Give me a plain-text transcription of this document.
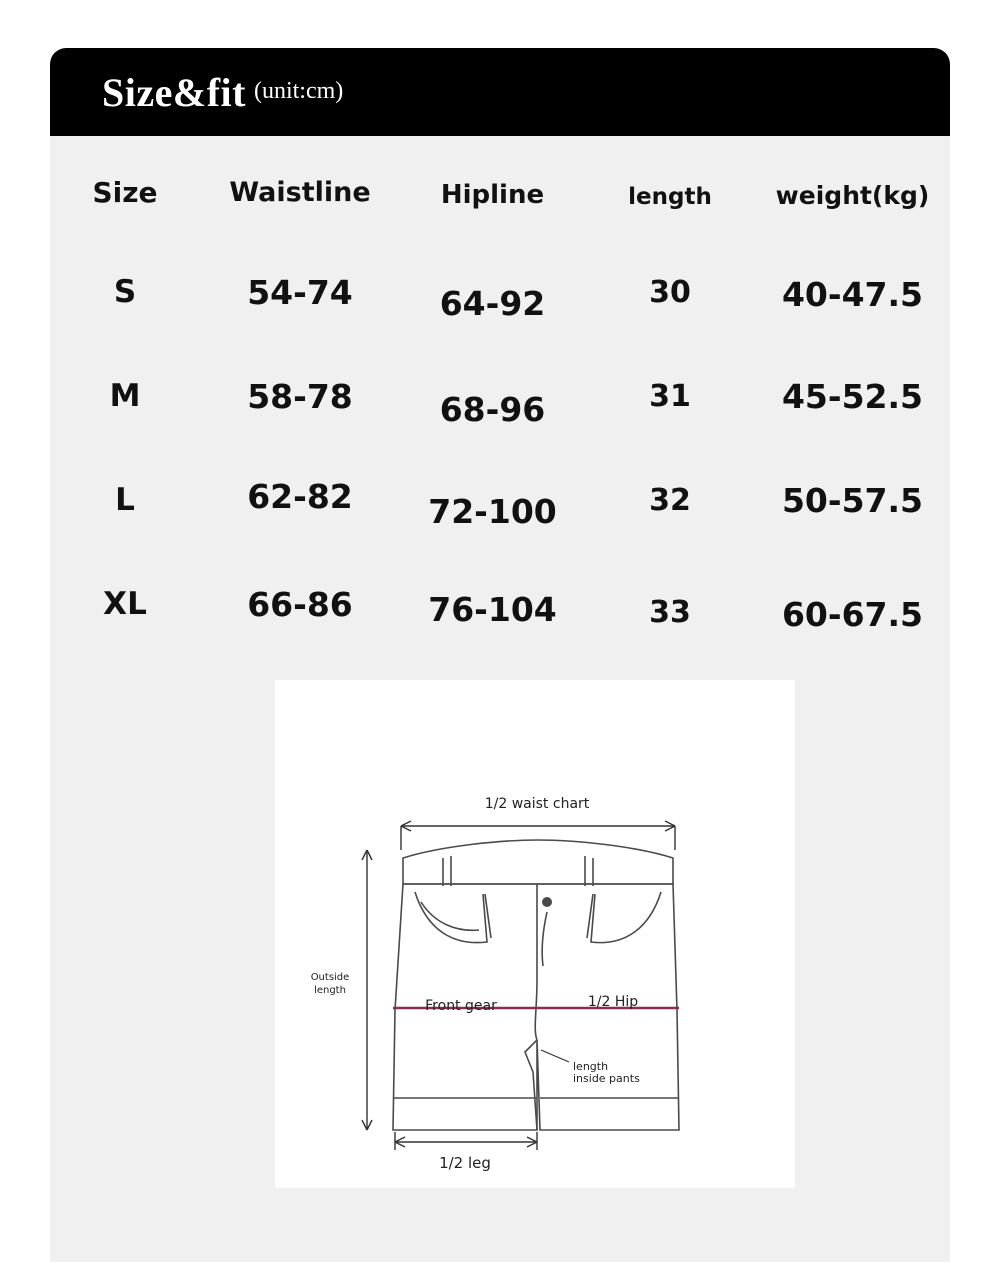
Size&fit (unit:cm)
Size	Waistline	Hipline	length	weight(kg)
S	54-74	64-92	30	40-47.5
M	58-78	68-96	31	45-52.5
L	62-82	72-100	32	50-57.5
XL	66-86	76-104	33	60-67.5
1/2 waist chart
Outside
length
Front gear	1/2 Hip
length
inside pants
1/2 leg
